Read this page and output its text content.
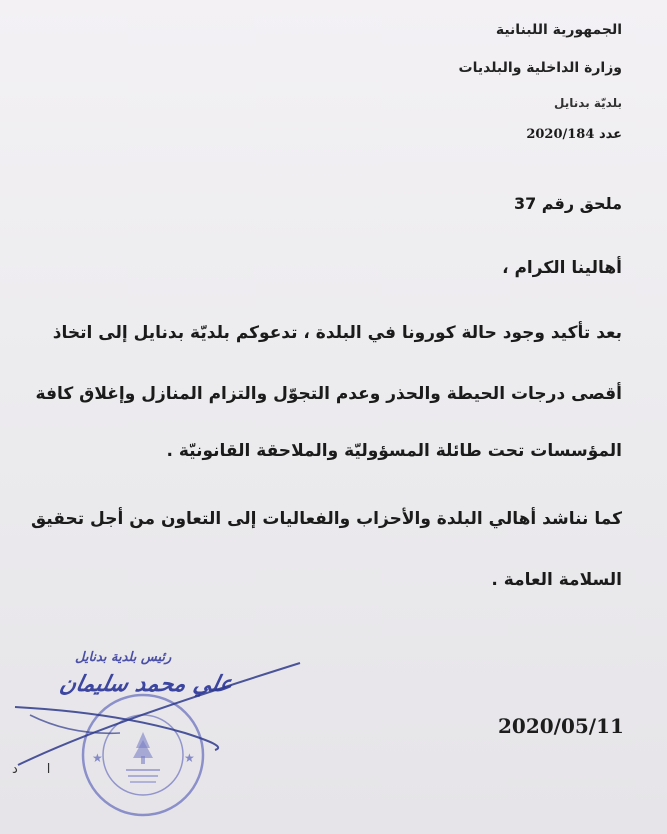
الجمهورية اللبنانية
وزارة الداخلية والبلديات
بلديّة بدنايل
عدد 2020/184
ملحق رقم 37
أهالينا الكرام ،
بعد تأكيد وجود حالة كورونا في البلدة ، تدعوكم بلديّة بدنايل إلى اتخاذ
أقصى درجات الحيطة والحذر وعدم التجوّل والتزام المنازل وإغلاق كافة
المؤسسات تحت طائلة المسؤوليّة والملاحقة القانونيّة .
كما نناشد أهالي البلدة والأحزاب والفعاليات إلى التعاون من أجل تحقيق
السلامة العامة .
★	★
رئيس بلدية بدنايل
علي محمد سليمان
ا       د
2020/05/11
